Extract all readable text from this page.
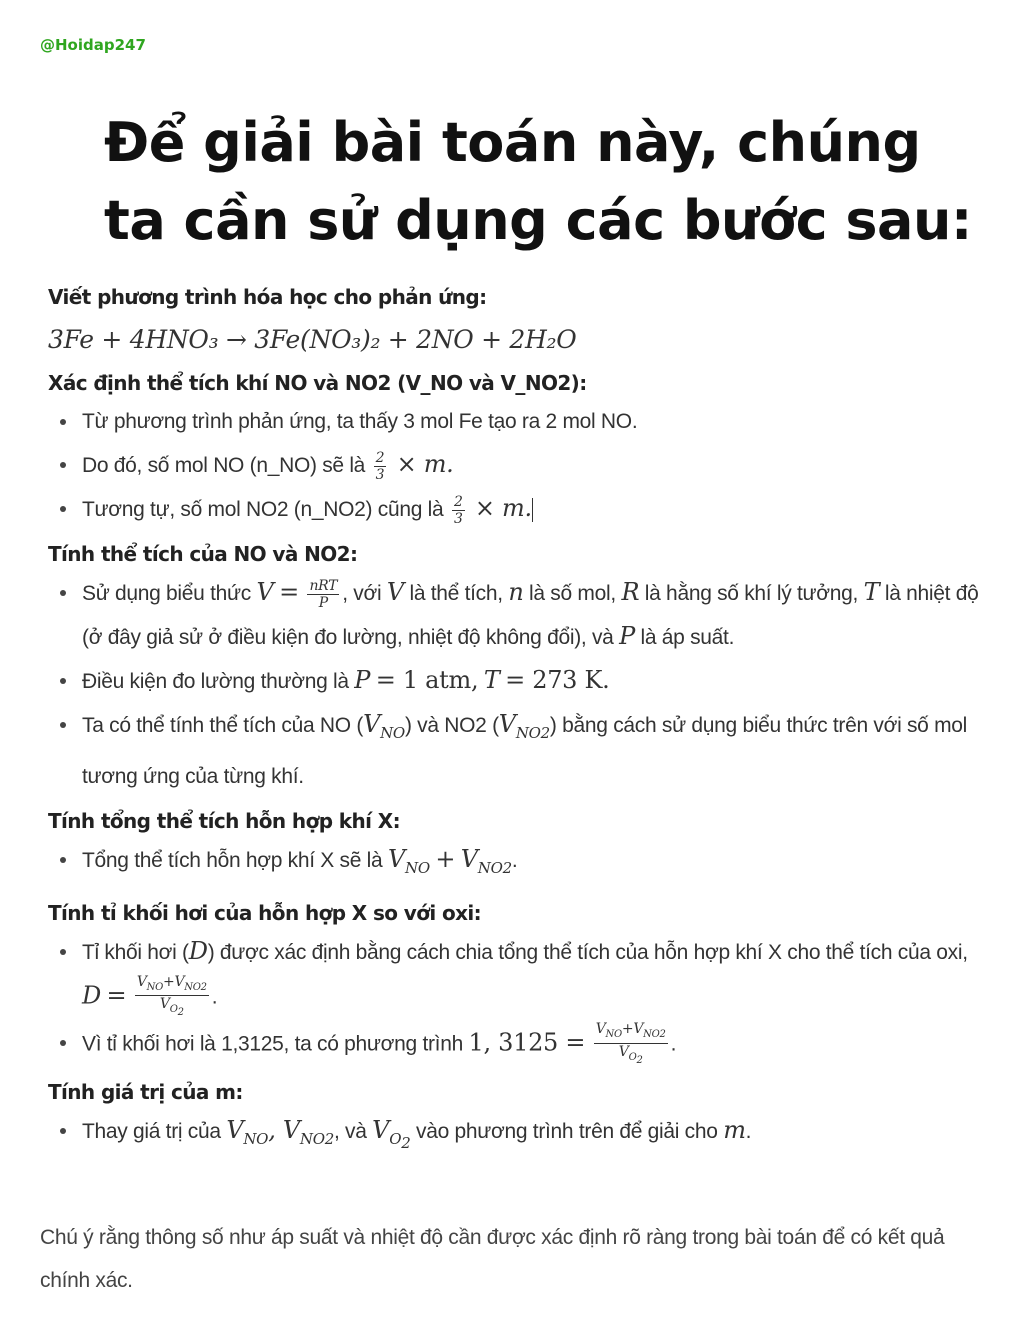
@Hoidap247
Để giải bài toán này, chúng
ta cần sử dụng các bước sau:
Viết phương trình hóa học cho phản ứng:
3Fe + 4HNO₃ → 3Fe(NO₃)₂ + 2NO + 2H₂O
Xác định thể tích khí NO và NO2 (V_NO và V_NO2):
Từ phương trình phản ứng, ta thấy 3 mol Fe tạo ra 2 mol NO.
Do đó, số mol NO (n_NO) sẽ là $\frac{2}{3} \times m$.
Tương tự, số mol NO2 (n_NO2) cũng là $\frac{2}{3} \times m$.
Tính thể tích của NO và NO2:
Sử dụng biểu thức $V = \frac{\text{nRT}}{P}$ , với V là thể tích, n là số mol, R là hằng số khí lý tưởng, T là nhiệt độ (ở đây giả sử ở điều kiện đo lường, nhiệt độ không đổi), và P là áp suất.
Điều kiện đo lường thường là P = 1 atm, T = 273 K.
Ta có thể tính thể tích của NO $(V_{NO})$ và NO2 $(V_{NO2})$ bằng cách sử dụng biểu thức trên với số mol tương ứng của từng khí.
Tính tổng thể tích hỗn hợp khí X:
Tổng thể tích hỗn hợp khí X sẽ là $V_{NO} + V_{NO2}$.
Tính tỉ khối hơi của hỗn hợp X so với oxi:
Tỉ khối hơi (D) được xác định bằng cách chia tổng thể tích của hỗn hợp khí X cho thể tích của oxi, $D = \frac{V_{NO}+V_{NO2}}{V_{O_2}}$ .
Vì tỉ khối hơi là 1,3125, ta có phương trình 1, $3125 = \frac{V_{NO}+V_{NO2}}{V_{O_2}}$ .
Tính giá trị của m:
Thay giá trị của $V_{NO}$, $V_{NO2}$, và $V_{O_2}$ vào phương trình trên để giải cho m.
Chú ý rằng thông số như áp suất và nhiệt độ cần được xác định rõ ràng trong bài toán để có kết quả chính xác.
